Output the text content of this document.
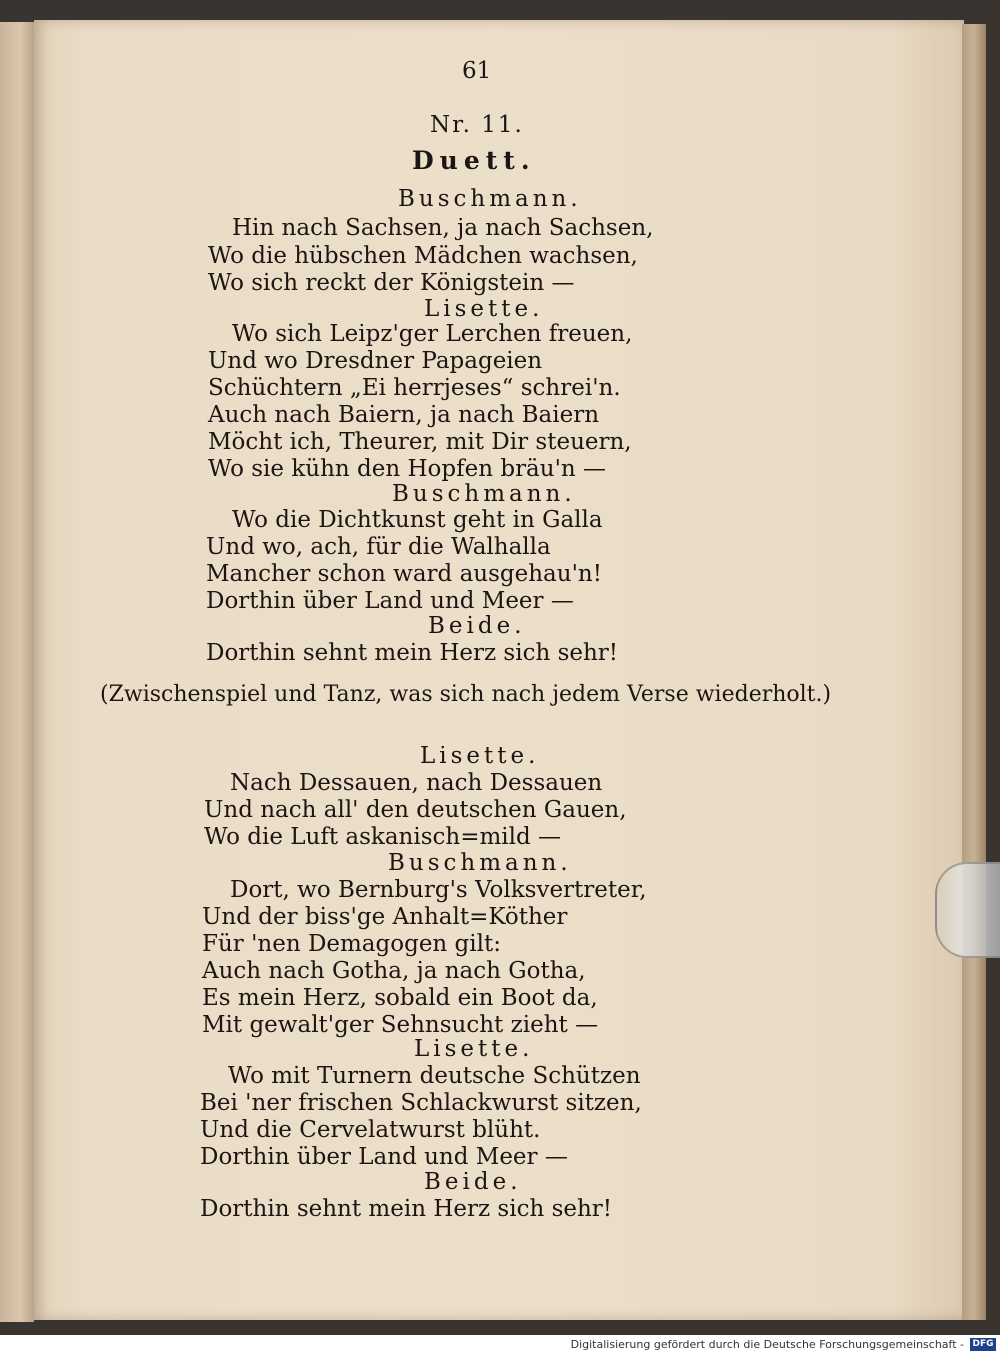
61
Nr. 11.
Duett.
Buschmann.
Hin nach Sachsen, ja nach Sachsen,
Wo die hübschen Mädchen wachsen,
Wo sich reckt der Königstein —
Lisette.
Wo sich Leipz'ger Lerchen freuen,
Und wo Dresdner Papageien
Schüchtern „Ei herrjeses“ schrei'n.
Auch nach Baiern, ja nach Baiern
Möcht ich, Theurer, mit Dir steuern,
Wo sie kühn den Hopfen bräu'n —
Buschmann.
Wo die Dichtkunst geht in Galla
Und wo, ach, für die Walhalla
Mancher schon ward ausgehau'n!
Dorthin über Land und Meer —
Beide.
Dorthin sehnt mein Herz sich sehr!
(Zwischenspiel und Tanz, was sich nach jedem Verse wiederholt.)
Lisette.
Nach Dessauen, nach Dessauen
Und nach all' den deutschen Gauen,
Wo die Luft askanisch=mild —
Buschmann.
Dort, wo Bernburg's Volksvertreter,
Und der biss'ge Anhalt=Köther
Für 'nen Demagogen gilt:
Auch nach Gotha, ja nach Gotha,
Es mein Herz, sobald ein Boot da,
Mit gewalt'ger Sehnsucht zieht —
Lisette.
Wo mit Turnern deutsche Schützen
Bei 'ner frischen Schlackwurst sitzen,
Und die Cervelatwurst blüht.
Dorthin über Land und Meer —
Beide.
Dorthin sehnt mein Herz sich sehr!
Digitalisierung gefördert durch die Deutsche Forschungsgemeinschaft - DFG
